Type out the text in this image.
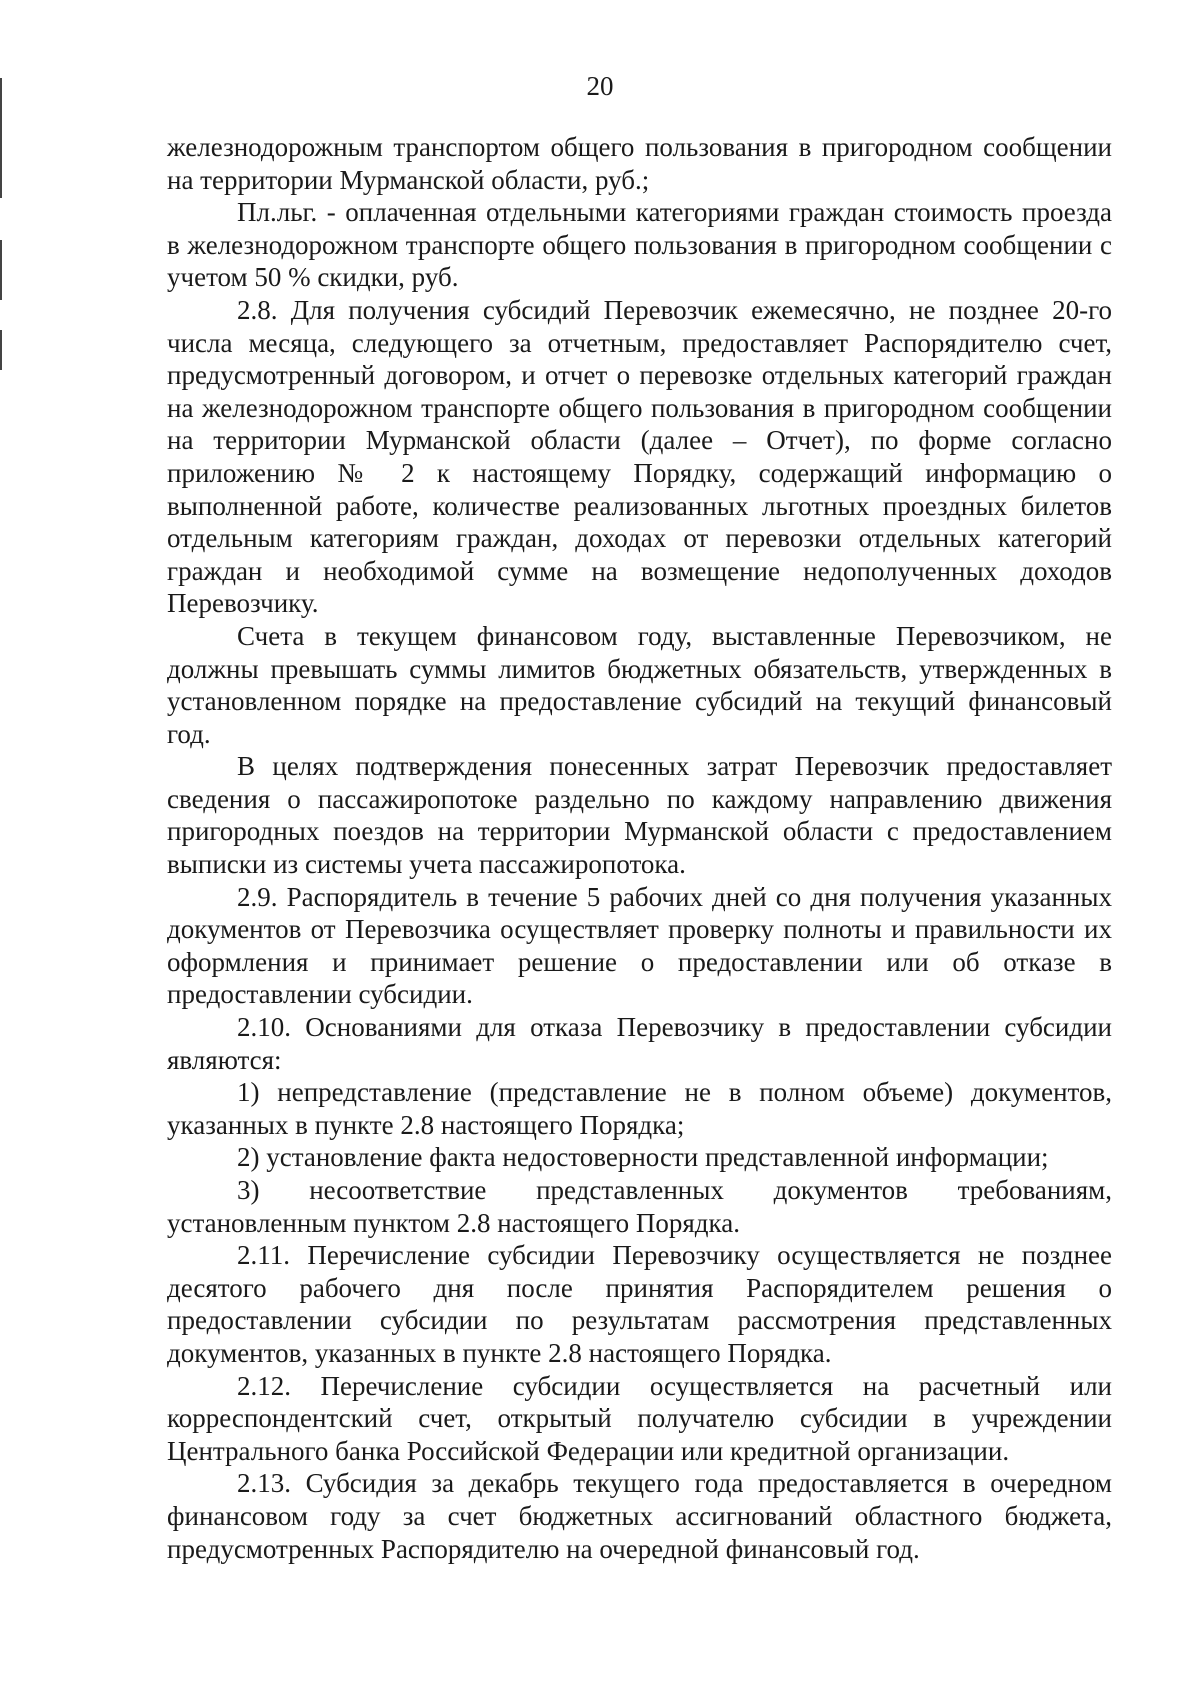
20

железнодорожным транспортом общего пользования в пригородном сообщении на территории Мурманской области, руб.;

Пл.льг. - оплаченная отдельными категориями граждан стоимость проезда в железнодорожном транспорте общего пользования в пригородном сообщении с учетом 50 % скидки, руб.

2.8. Для получения субсидий Перевозчик ежемесячно, не позднее 20-го числа месяца, следующего за отчетным, предоставляет Распорядителю счет, предусмотренный договором, и отчет о перевозке отдельных категорий граждан на железнодорожном транспорте общего пользования в пригородном сообщении на территории Мурманской области (далее – Отчет), по форме согласно приложению № 2 к настоящему Порядку, содержащий информацию о выполненной работе, количестве реализованных льготных проездных билетов отдельным категориям граждан, доходах от перевозки отдельных категорий граждан и необходимой сумме на возмещение недополученных доходов Перевозчику.

Счета в текущем финансовом году, выставленные Перевозчиком, не должны превышать суммы лимитов бюджетных обязательств, утвержденных в установленном порядке на предоставление субсидий на текущий финансовый год.

В целях подтверждения понесенных затрат Перевозчик предоставляет сведения о пассажиропотоке раздельно по каждому направлению движения пригородных поездов на территории Мурманской области с предоставлением выписки из системы учета пассажиропотока.

2.9. Распорядитель в течение 5 рабочих дней со дня получения указанных документов от Перевозчика осуществляет проверку полноты и правильности их оформления и принимает решение о предоставлении или об отказе в предоставлении субсидии.

2.10. Основаниями для отказа Перевозчику в предоставлении субсидии являются:

1) непредставление (представление не в полном объеме) документов, указанных в пункте 2.8 настоящего Порядка;

2) установление факта недостоверности представленной информации;

3) несоответствие представленных документов требованиям, установленным пунктом 2.8 настоящего Порядка.

2.11. Перечисление субсидии Перевозчику осуществляется не позднее десятого рабочего дня после принятия Распорядителем решения о предоставлении субсидии по результатам рассмотрения представленных документов, указанных в пункте 2.8 настоящего Порядка.

2.12. Перечисление субсидии осуществляется на расчетный или корреспондентский счет, открытый получателю субсидии в учреждении Центрального банка Российской Федерации или кредитной организации.

2.13. Субсидия за декабрь текущего года предоставляется в очередном финансовом году за счет бюджетных ассигнований областного бюджета, предусмотренных Распорядителю на очередной финансовый год.
